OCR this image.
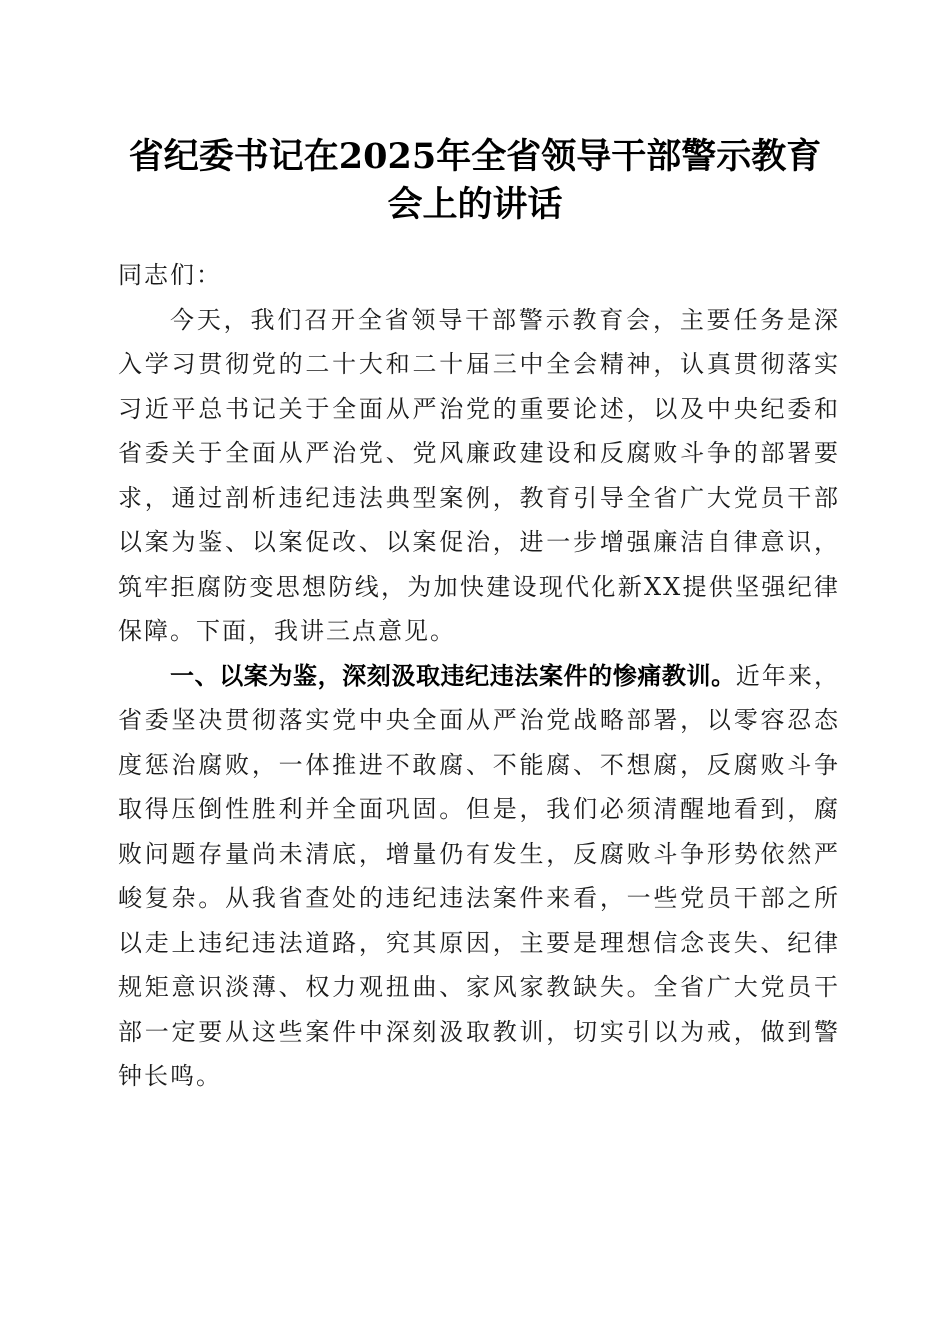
省纪委书记在2025年全省领导干部警示教育
会上的讲话

同志们：

今天，我们召开全省领导干部警示教育会，主要任务是深入学习贯彻党的二十大和二十届三中全会精神，认真贯彻落实习近平总书记关于全面从严治党的重要论述，以及中央纪委和省委关于全面从严治党、党风廉政建设和反腐败斗争的部署要求，通过剖析违纪违法典型案例，教育引导全省广大党员干部以案为鉴、以案促改、以案促治，进一步增强廉洁自律意识，筑牢拒腐防变思想防线，为加快建设现代化新XX提供坚强纪律保障。下面，我讲三点意见。

一、以案为鉴，深刻汲取违纪违法案件的惨痛教训。近年来，省委坚决贯彻落实党中央全面从严治党战略部署，以零容忍态度惩治腐败，一体推进不敢腐、不能腐、不想腐，反腐败斗争取得压倒性胜利并全面巩固。但是，我们必须清醒地看到，腐败问题存量尚未清底，增量仍有发生，反腐败斗争形势依然严峻复杂。从我省查处的违纪违法案件来看，一些党员干部之所以走上违纪违法道路，究其原因，主要是理想信念丧失、纪律规矩意识淡薄、权力观扭曲、家风家教缺失。全省广大党员干部一定要从这些案件中深刻汲取教训，切实引以为戒，做到警钟长鸣。
